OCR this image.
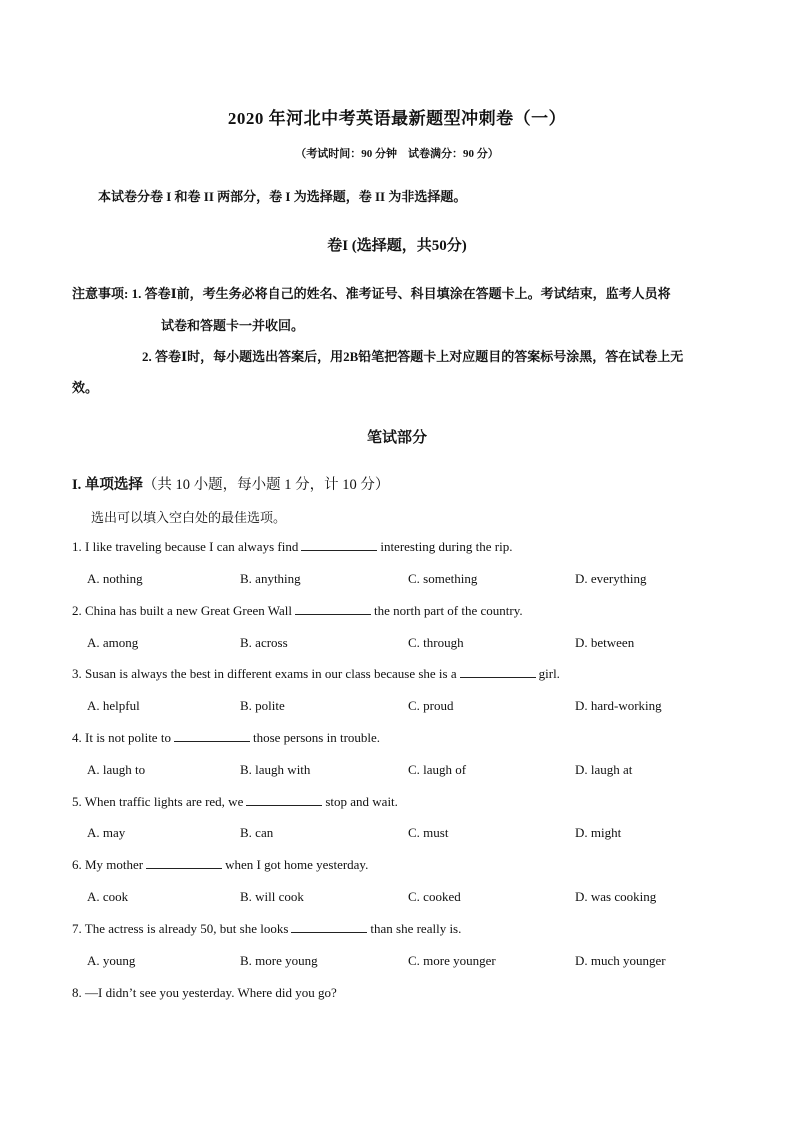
2020 年河北中考英语最新题型冲刺卷（一）
（考试时间：90 分钟　试卷满分：90 分）
本试卷分卷 I 和卷 II 两部分，卷 I 为选择题，卷 II 为非选择题。
卷I (选择题，共50分)
注意事项: 1. 答卷Ⅰ前，考生务必将自己的姓名、准考证号、科目填涂在答题卡上。考试结束，监考人员将
试卷和答题卡一并收回。
2. 答卷Ⅰ时，每小题选出答案后，用2B铅笔把答题卡上对应题目的答案标号涂黑，答在试卷上无
效。
笔试部分
I. 单项选择（共 10 小题，每小题 1 分，计 10 分）
选出可以填入空白处的最佳选项。
1. I like traveling because I can always find	interesting during the rip.
A. nothing	B. anything	C. something	D. everything
2. China has built a new Great Green Wall	the north part of the country.
A. among	B. across	C. through	D. between
3. Susan is always the best in different exams in our class because she is a	girl.
A. helpful	B. polite	C. proud	D. hard-working
4. It is not polite to	those persons in trouble.
A. laugh to	B. laugh with	C. laugh of	D. laugh at
5. When traffic lights are red, we	stop and wait.
A. may	B. can	C. must	D. might
6. My mother	when I got home yesterday.
A. cook	B. will cook	C. cooked	D. was cooking
7. The actress is already 50, but she looks	than she really is.
A. young	B. more young	C. more younger	D. much younger
8. —I didn’t see you yesterday. Where did you go?
